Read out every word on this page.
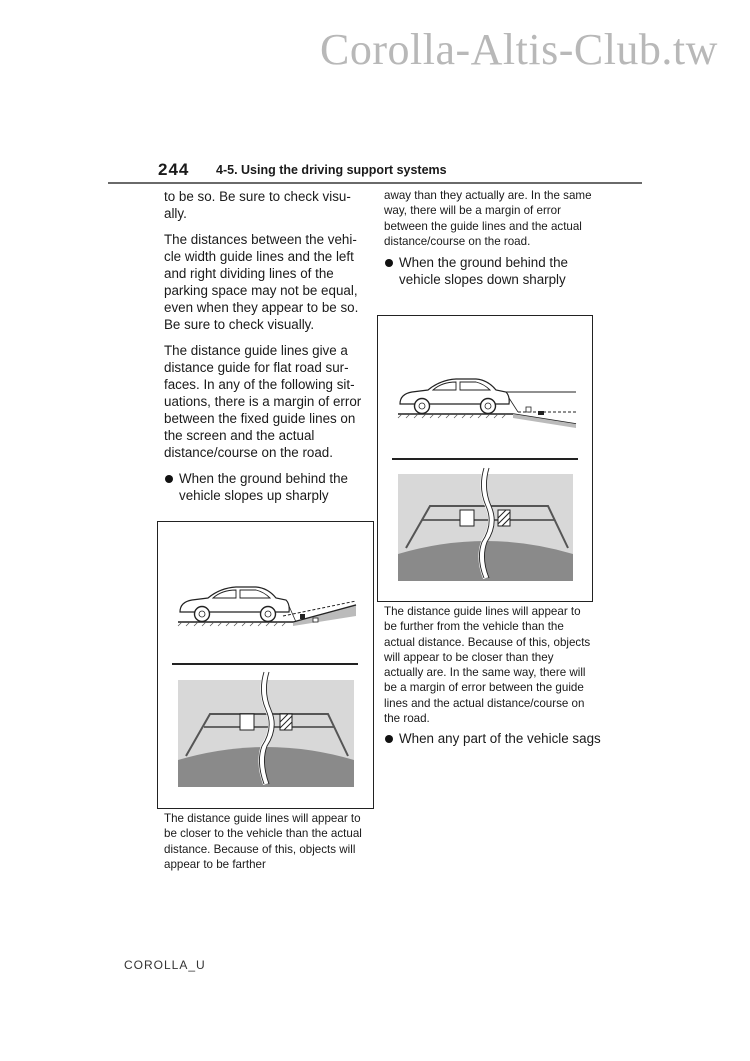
Corolla-Altis-Club.tw
244 4-5. Using the driving support systems

to be so. Be sure to check visu-ally.

The distances between the vehi-cle width guide lines and the left and right dividing lines of the parking space may not be equal, even when they appear to be so. Be sure to check visually.

The distance guide lines give a distance guide for flat road sur-faces. In any of the following sit-uations, there is a margin of error between the fixed guide lines on the screen and the actual distance/course on the road.

When the ground behind the vehicle slopes up sharply
The distance guide lines will appear to be closer to the vehicle than the actual distance. Because of this, objects will appear to be farther

away than they actually are. In the same way, there will be a margin of error between the guide lines and the actual distance/course on the road.

When the ground behind the vehicle slopes down sharply
The distance guide lines will appear to be further from the vehicle than the actual distance. Because of this, objects will appear to be closer than they actually are. In the same way, there will be a margin of error between the guide lines and the actual distance/course on the road.
When any part of the vehicle sags
COROLLA_U
